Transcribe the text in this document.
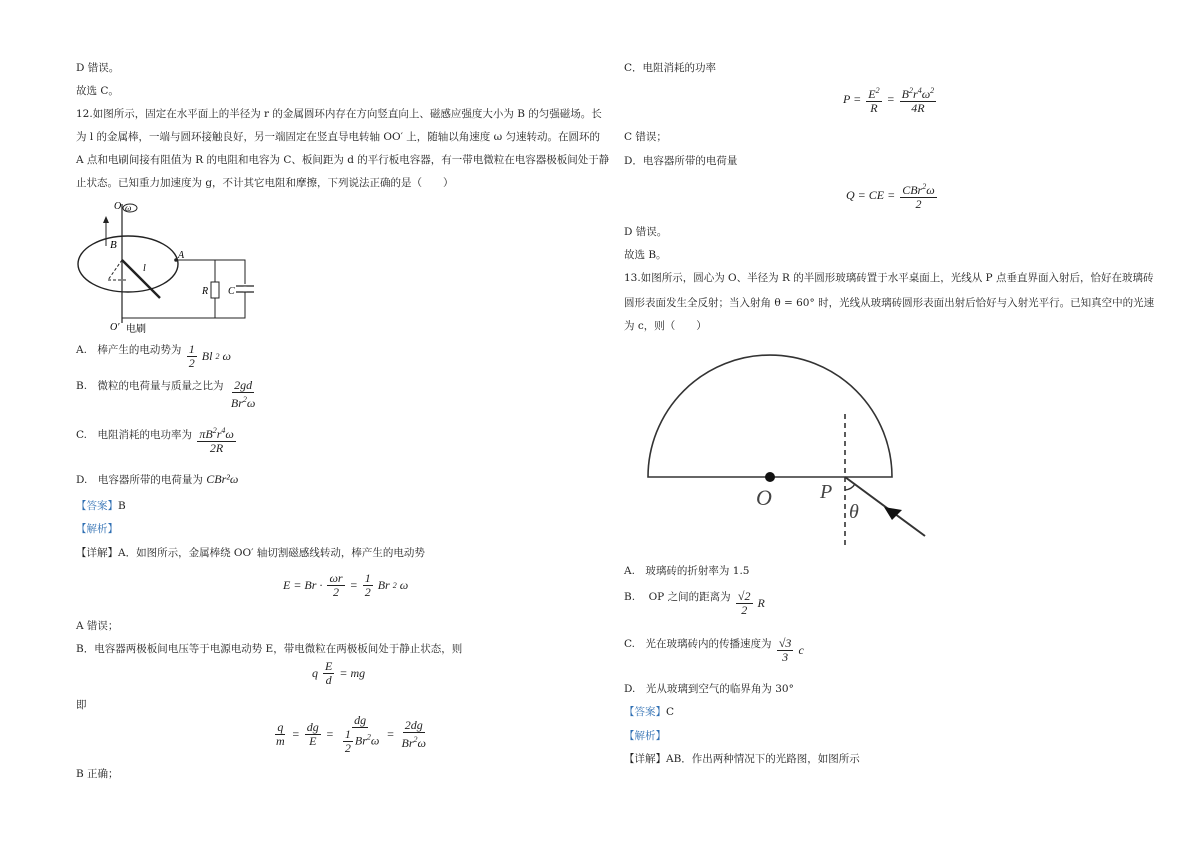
D 错误。
故选 C。
12.如图所示，固定在水平面上的半径为 r 的金属圆环内存在方向竖直向上、磁感应强度大小为 B 的匀强磁场。长
为 l 的金属棒，一端与圆环接触良好，另一端固定在竖直导电转轴 OO′ 上，随轴以角速度 ω 匀速转动。在圆环的
A 点和电刷间接有阻值为 R 的电阻和电容为 C、板间距为 d 的平行板电容器，有一带电微粒在电容器极板间处于静
止状态。已知重力加速度为 g，不计其它电阻和摩擦，下列说法正确的是（　　）
O ω
B
l
A
R C
O′ 电刷
A.　棒产生的电动势为 $\frac{1}{2}$ Bl 2 ω
B.　微粒的电荷量与质量之比为 $\frac{2gd}{Br^2\omega}$
C.　电阻消耗的电功率为 $\frac{\pi B^2r^4\omega}{2R}$
D.　电容器所带的电荷量为 CBr²ω
【答案】B
【解析】
【详解】A．如图所示，金属棒绕 OO′ 轴切割磁感线转动，棒产生的电动势
$E = Br \cdot \frac{\omega r}{2} = \frac{1}{2}$ Br 2 ω
A 错误；
B．电容器两极板间电压等于电源电动势 E，带电微粒在两极板间处于静止状态，则
q $\frac{E}{d}$ = mg
即
$\frac{q}{m} = \frac{dg}{E} = \frac{dg}{\frac{1}{2} Br^2\omega} = \frac{2dg}{Br^2\omega}$
B 正确；
C．电阻消耗的功率
$P = \frac{E^2}{R} = \frac{B^2r^4\omega^2}{4R}$
C 错误；
D．电容器所带的电荷量
Q = CE = $\frac{CBr^2\omega}{2}$
D 错误。
故选 B。
13.如图所示，圆心为 O、半径为 R 的半圆形玻璃砖置于水平桌面上，光线从 P 点垂直界面入射后，恰好在玻璃砖
圆形表面发生全反射；当入射角 θ = 60° 时，光线从玻璃砖圆形表面出射后恰好与入射光平行。已知真空中的光速
为 c，则（　　）
O P
θ
A.　玻璃砖的折射率为 1.5
B.　 OP 之间的距离为 $\frac{√2}{2}$ R
C.　光在玻璃砖内的传播速度为 $\frac{√3}{3}$ c
D.　光从玻璃到空气的临界角为 30°
【答案】C
【解析】
【详解】AB．作出两种情况下的光路图，如图所示
